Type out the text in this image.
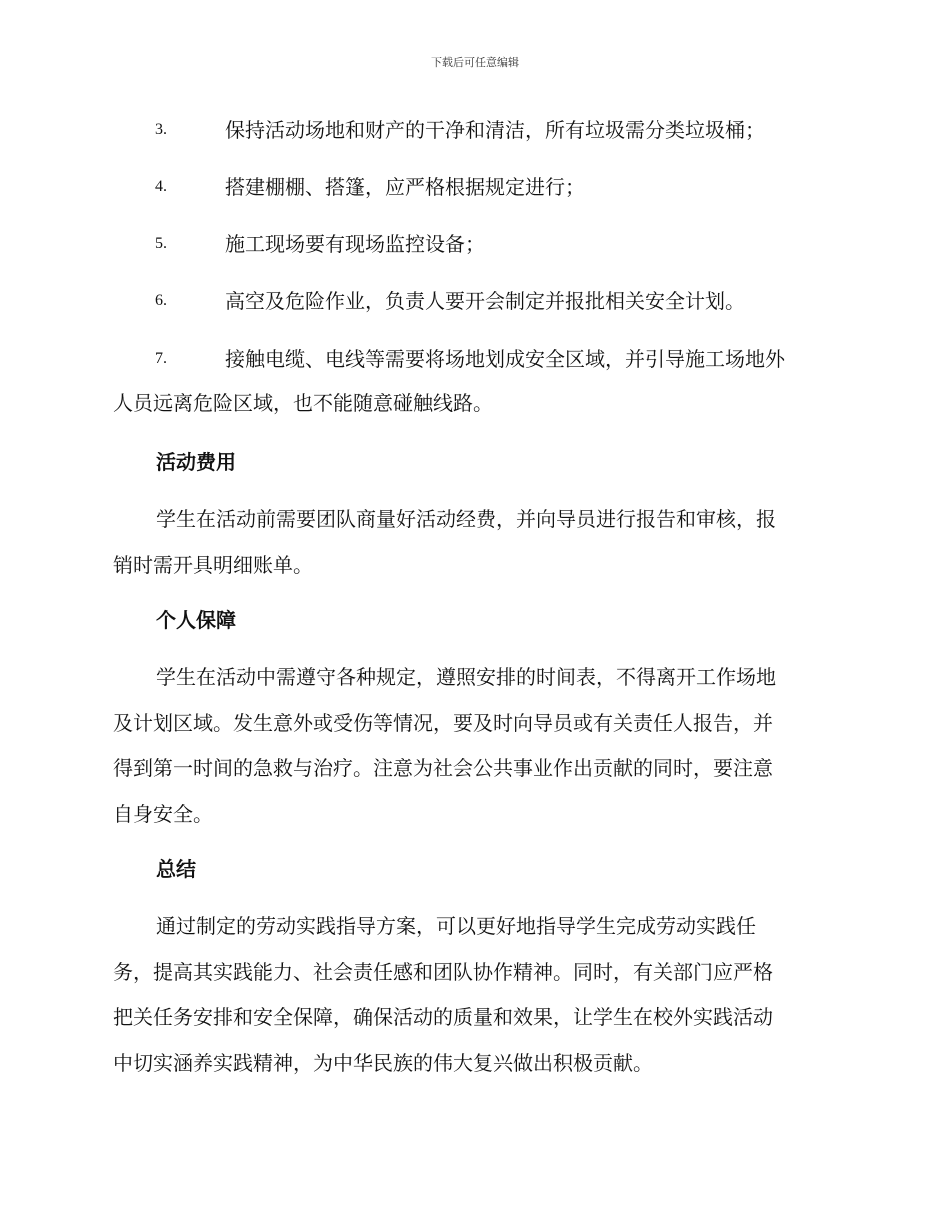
下载后可任意编辑
3.	保持活动场地和财产的干净和清洁，所有垃圾需分类垃圾桶；
4.	搭建棚棚、搭篷，应严格根据规定进行；
5.	施工现场要有现场监控设备；
6.	高空及危险作业，负责人要开会制定并报批相关安全计划。
7.	接触电缆、电线等需要将场地划成安全区域，并引导施工场地外
人员远离危险区域，也不能随意碰触线路。
活动费用
学生在活动前需要团队商量好活动经费，并向导员进行报告和审核，报
销时需开具明细账单。
个人保障
学生在活动中需遵守各种规定，遵照安排的时间表，不得离开工作场地
及计划区域。发生意外或受伤等情况，要及时向导员或有关责任人报告，并
得到第一时间的急救与治疗。注意为社会公共事业作出贡献的同时，要注意
自身安全。
总结
通过制定的劳动实践指导方案，可以更好地指导学生完成劳动实践任
务，提高其实践能力、社会责任感和团队协作精神。同时，有关部门应严格
把关任务安排和安全保障，确保活动的质量和效果，让学生在校外实践活动
中切实涵养实践精神，为中华民族的伟大复兴做出积极贡献。
